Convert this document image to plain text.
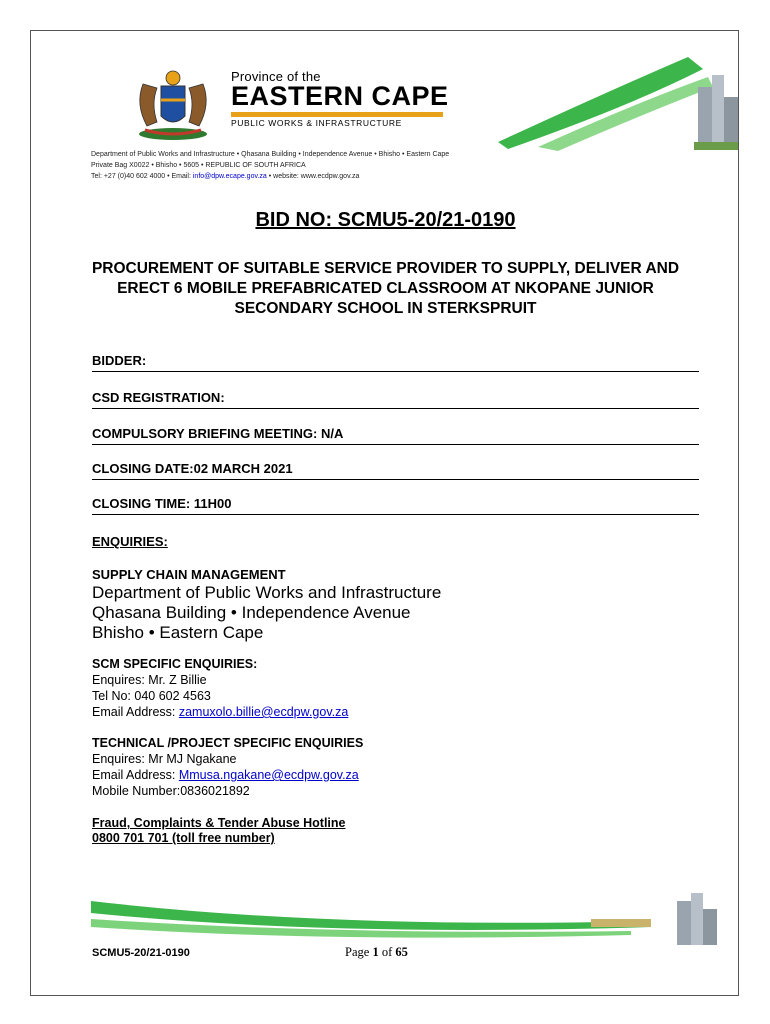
Province of the
EASTERN CAPE
PUBLIC WORKS & INFRASTRUCTURE
Department of Public Works and Infrastructure • Qhasana Building • Independence Avenue • Bhisho • Eastern Cape
Private Bag X0022 • Bhisho • 5605 • REPUBLIC OF SOUTH AFRICA
Tel: +27 (0)40 602 4000 • Email: info@dpw.ecape.gov.za • website: www.ecdpw.gov.za
BID NO: SCMU5-20/21-0190
PROCUREMENT OF SUITABLE SERVICE PROVIDER TO SUPPLY, DELIVER AND ERECT 6 MOBILE PREFABRICATED CLASSROOM AT NKOPANE JUNIOR SECONDARY SCHOOL IN STERKSPRUIT
BIDDER:
CSD REGISTRATION:
COMPULSORY BRIEFING MEETING: N/A
CLOSING DATE:02 MARCH 2021
CLOSING TIME: 11H00
ENQUIRIES:
SUPPLY CHAIN MANAGEMENT
Department of Public Works and Infrastructure
Qhasana Building • Independence Avenue
Bhisho • Eastern Cape
SCM SPECIFIC ENQUIRIES:
Enquires: Mr. Z Billie
Tel No: 040 602 4563
Email Address: zamuxolo.billie@ecdpw.gov.za
TECHNICAL /PROJECT SPECIFIC ENQUIRIES
Enquires: Mr MJ Ngakane
Email Address: Mmusa.ngakane@ecdpw.gov.za
Mobile Number:0836021892
Fraud, Complaints & Tender Abuse Hotline
0800 701 701 (toll free number)
SCMU5-20/21-0190	Page 1 of 65
